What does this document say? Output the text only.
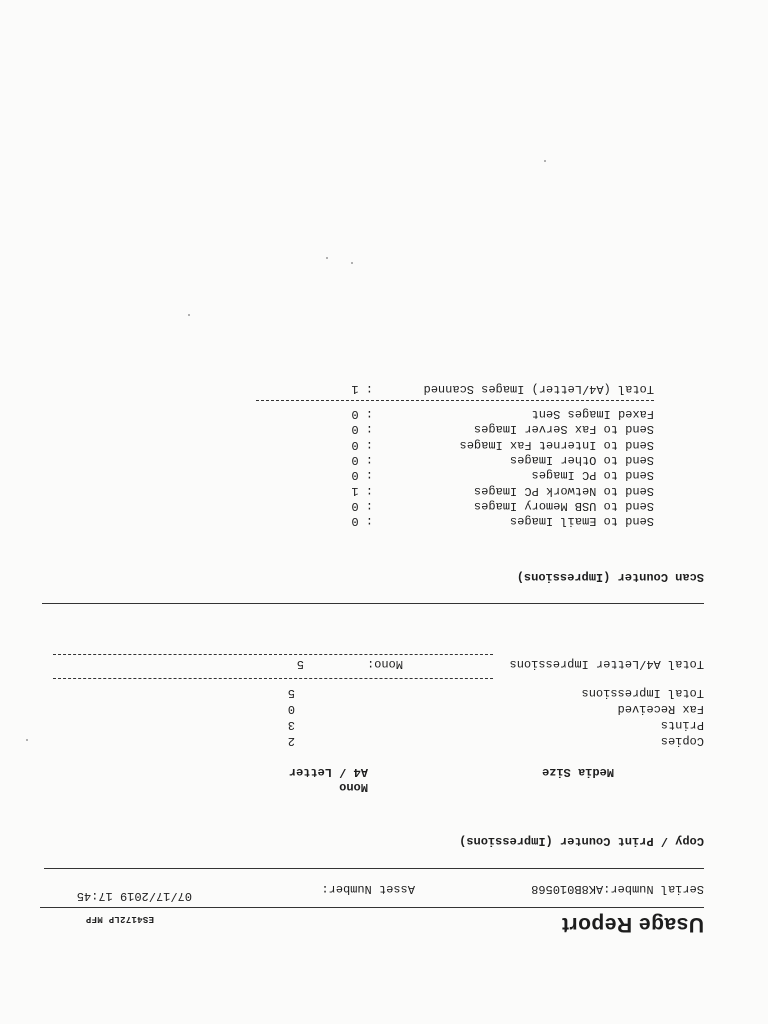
Usage Report
ES4172LP MFP
Serial Number:AK8B010568
Asset Number:
07/17/2019 17:45
Copy / Print Counter (Impressions)
Mono
Media Size
A4 / Letter
Copies
2
Prints
3
Fax Received
0
Total Impressions
5
Total A4/Letter Impressions
Mono:
5
Scan Counter (Impressions)
Send to Email Images
: 0
Send to USB Memory Images
: 0
Send to Network PC Images
: 1
Send to PC Images
: 0
Send to Other Images
: 0
Send to Internet Fax Images
: 0
Send to Fax Server Images
: 0
Faxed Images Sent
: 0
Total (A4/Letter) Images Scanned
: 1
